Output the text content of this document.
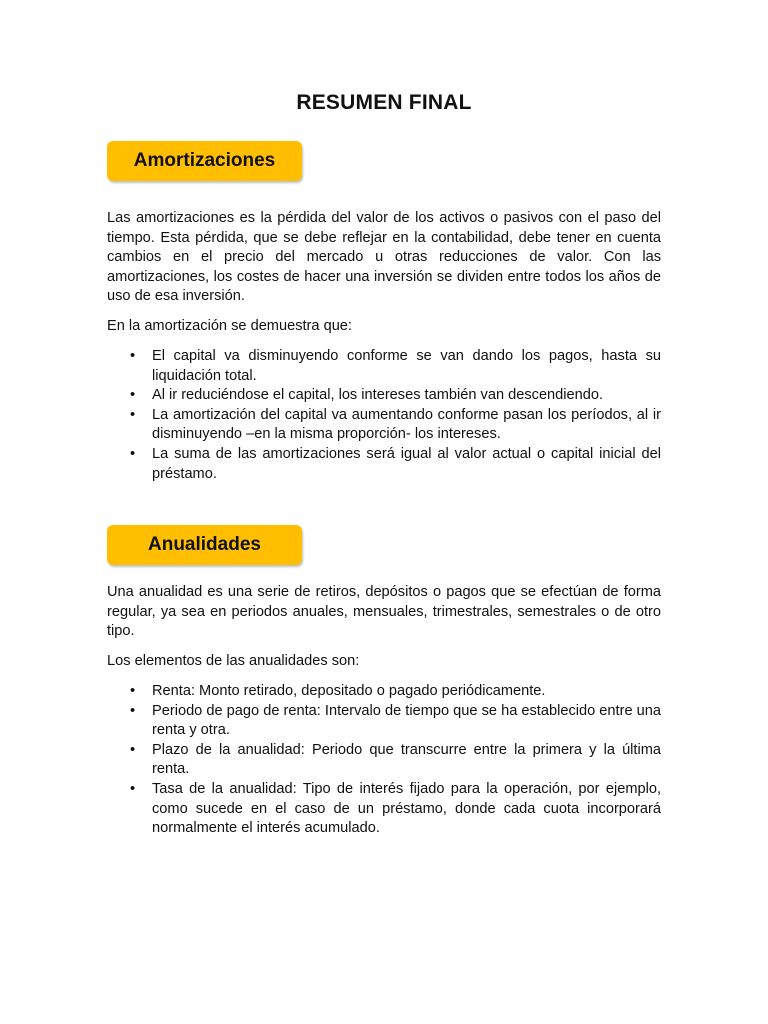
RESUMEN FINAL
Amortizaciones

Las amortizaciones es la pérdida del valor de los activos o pasivos con el paso del tiempo. Esta pérdida, que se debe reflejar en la contabilidad, debe tener en cuenta cambios en el precio del mercado u otras reducciones de valor. Con las amortizaciones, los costes de hacer una inversión se dividen entre todos los años de uso de esa inversión.

En la amortización se demuestra que:

•	El capital va disminuyendo conforme se van dando los pagos, hasta su liquidación total.
•	Al ir reduciéndose el capital, los intereses también van descendiendo.
•	La amortización del capital va aumentando conforme pasan los períodos, al ir disminuyendo –en la misma proporción- los intereses.
•	La suma de las amortizaciones será igual al valor actual o capital inicial del préstamo.
Anualidades

Una anualidad es una serie de retiros, depósitos o pagos que se efectúan de forma regular, ya sea en periodos anuales, mensuales, trimestrales, semestrales o de otro tipo.

Los elementos de las anualidades son:

•	Renta: Monto retirado, depositado o pagado periódicamente.
•	Periodo de pago de renta: Intervalo de tiempo que se ha establecido entre una renta y otra.
•	Plazo de la anualidad: Periodo que transcurre entre la primera y la última renta.
•	Tasa de la anualidad: Tipo de interés fijado para la operación, por ejemplo, como sucede en el caso de un préstamo, donde cada cuota incorporará normalmente el interés acumulado.
